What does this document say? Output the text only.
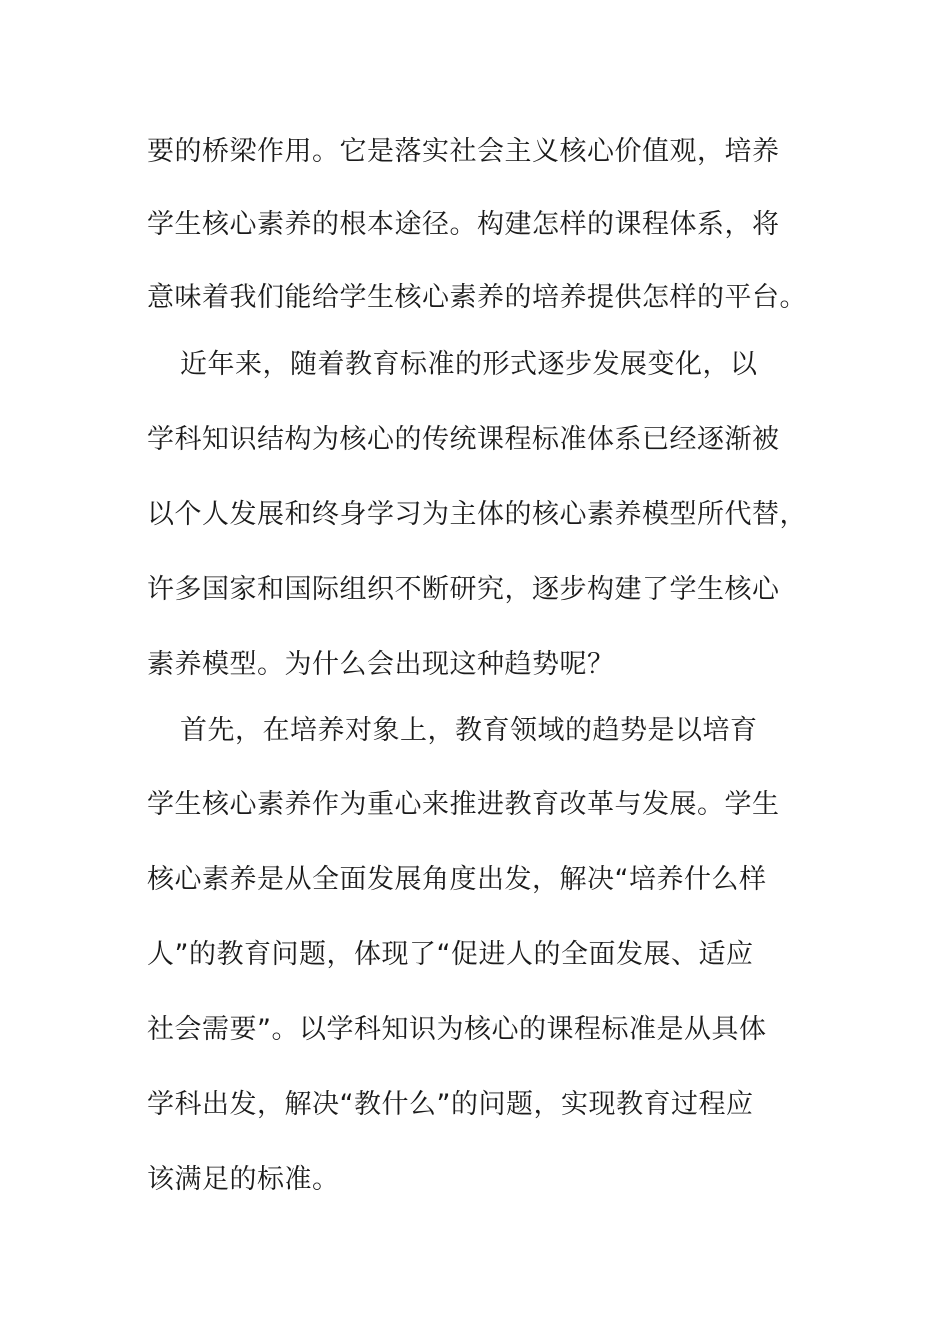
要的桥梁作用。它是落实社会主义核心价值观，培养
学生核心素养的根本途径。构建怎样的课程体系，将
意味着我们能给学生核心素养的培养提供怎样的平台。
近年来，随着教育标准的形式逐步发展变化，以
学科知识结构为核心的传统课程标准体系已经逐渐被
以个人发展和终身学习为主体的核心素养模型所代替，
许多国家和国际组织不断研究，逐步构建了学生核心
素养模型。为什么会出现这种趋势呢？
首先，在培养对象上，教育领域的趋势是以培育
学生核心素养作为重心来推进教育改革与发展。学生
核心素养是从全面发展角度出发，解决“培养什么样
人”的教育问题，体现了“促进人的全面发展、适应
社会需要”。以学科知识为核心的课程标准是从具体
学科出发，解决“教什么”的问题，实现教育过程应
该满足的标准。
